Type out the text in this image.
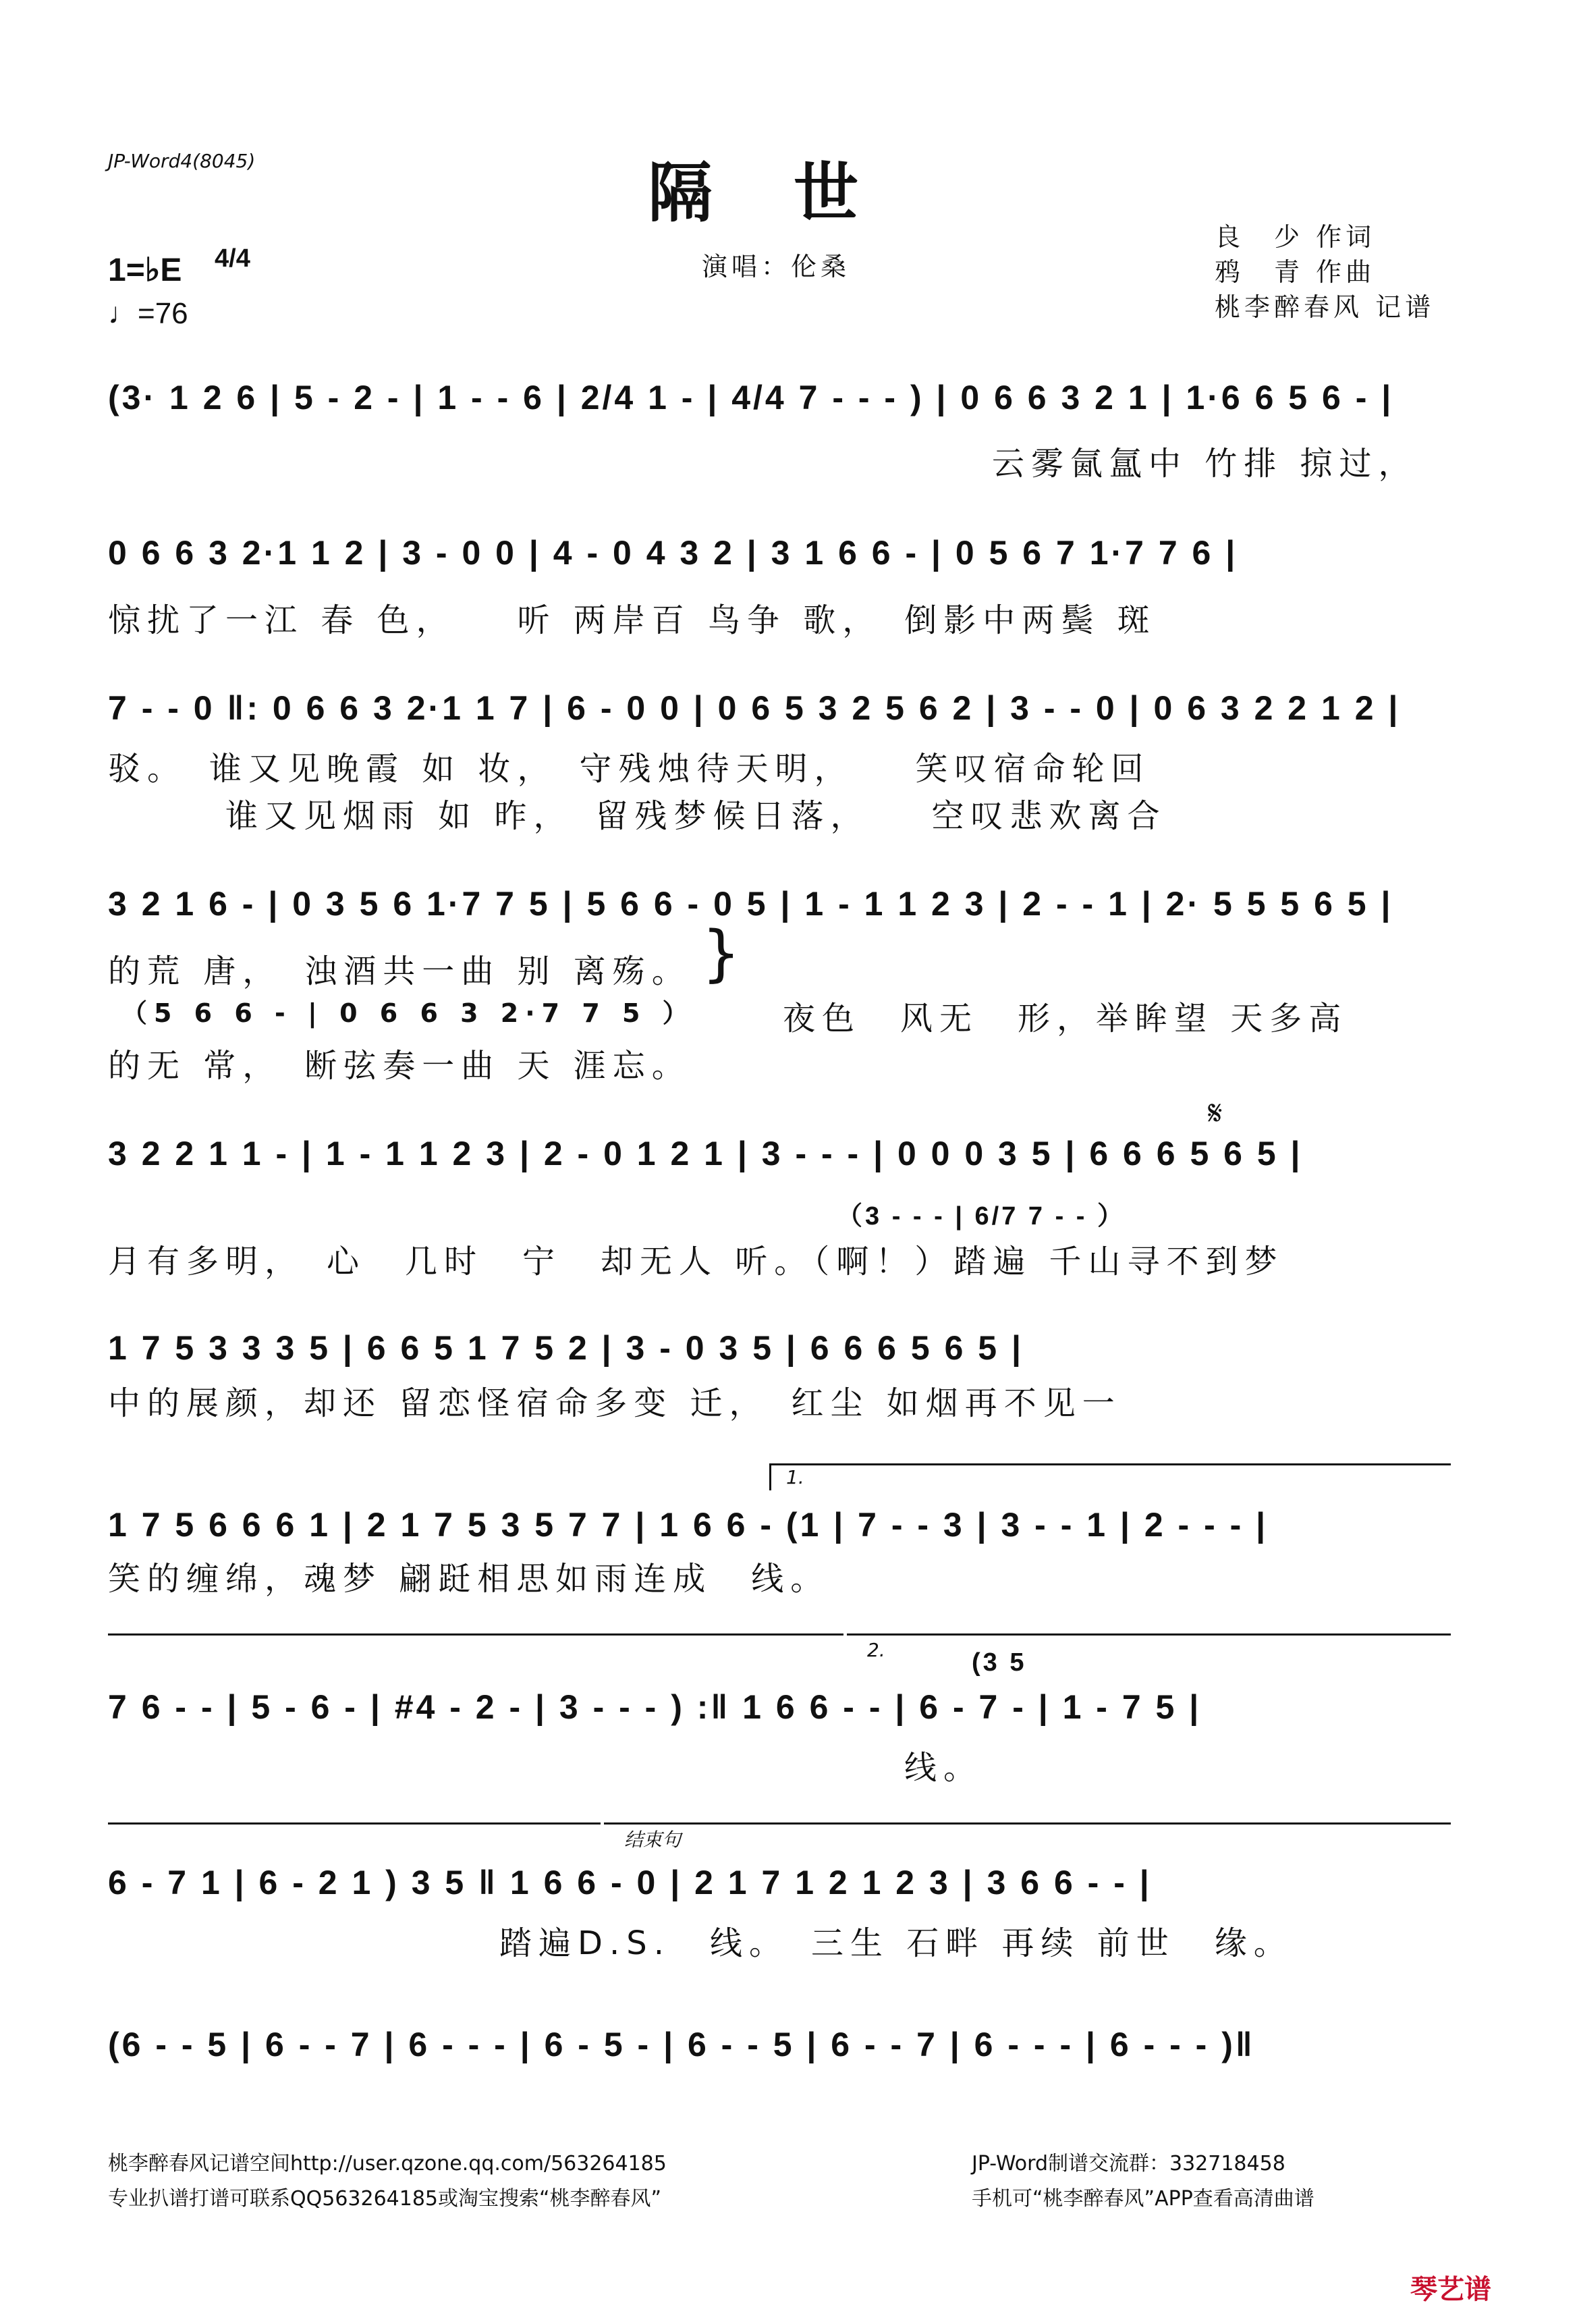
JP-Word4(8045)	隔世
1=♭E 4/4
♩=76
演唱：伦桑
良　少 作词
鸦　青 作曲
桃李醉春风 记谱
(3· 1 2 6 | 5 - 2 - | 1 - - 6 | 2/4 1 - | 4/4 7 - - - ) | 0 6 6 3 2 1 | 1·6 6 5 6 - |
云雾氤氲中 竹排 掠过，
0 6 6 3 2·1 1 2 | 3 - 0 0 | 4 - 0 4 3 2 | 3 1 6 6 - | 0 5 6 7 1·7 7 6 |
惊扰了一江 春 色，　　听 两岸百 鸟争 歌，　倒影中两鬓 斑
7 - - 0 ‖: 0 6 6 3 2·1 1 7 | 6 - 0 0 | 0 6 5 3 2 5 6 2 | 3 - - 0 | 0 6 3 2 2 1 2 |
驳。　谁又见晚霞 如 妆，　守残烛待天明，　　笑叹宿命轮回
　　　谁又见烟雨 如 昨，　留残梦候日落，　　空叹悲欢离合
3 2 1 6 - | 0 3 5 6 1·7 7 5 | 5 6 6 - 0 5 | 1 - 1 1 2 3 | 2 - - 1 | 2· 5 5 5 6 5 |
的荒 唐，　浊酒共一曲 别 离殇。
（5 6 6 - | 0 6 6 3 2·7 7 5 ）
的无 常，　断弦奏一曲 天 涯忘。
}
夜色　风无　形，举眸望 天多高
𝄋
3 2 2 1 1 - | 1 - 1 1 2 3 | 2 - 0 1 2 1 | 3 - - - | 0 0 0 3 5 | 6 6 6 5 6 5 |
（3 - - - | 6/7 7 - - ）
月有多明，　心　几时　宁　却无人 听。（啊！）踏遍 千山寻不到梦
1 7 5 3 3 3 5 | 6 6 5 1 7 5 2 | 3 - 0 3 5 | 6 6 6 5 6 5 |
中的展颜，却还 留恋怪宿命多变 迁，　红尘 如烟再不见一
1.
1 7 5 6 6 6 1 | 2 1 7 5 3 5 7 7 | 1 6 6 - (1 | 7 - - 3 | 3 - - 1 | 2 - - - |
笑的缠绵，魂梦 翩跹相思如雨连成　线。
2.	(3 5
7 6 - - | 5 - 6 - | #4 - 2 - | 3 - - - ) :‖ 1 6 6 - - | 6 - 7 - | 1 - 7 5 |
线。
结束句
6 - 7 1 | 6 - 2 1 ) 3 5 ‖ 1 6 6 - 0 | 2 1 7 1 2 1 2 3 | 3 6 6 - - |
踏遍D.S.　线。　三生 石畔 再续 前世　缘。
(6 - - 5 | 6 - - 7 | 6 - - - | 6 - 5 - | 6 - - 5 | 6 - - 7 | 6 - - - | 6 - - - )‖
桃李醉春风记谱空间http://user.qzone.qq.com/563264185
专业扒谱打谱可联系QQ563264185或淘宝搜索“桃李醉春风”
JP-Word制谱交流群：332718458
手机可“桃李醉春风”APP查看高清曲谱
琴艺谱
